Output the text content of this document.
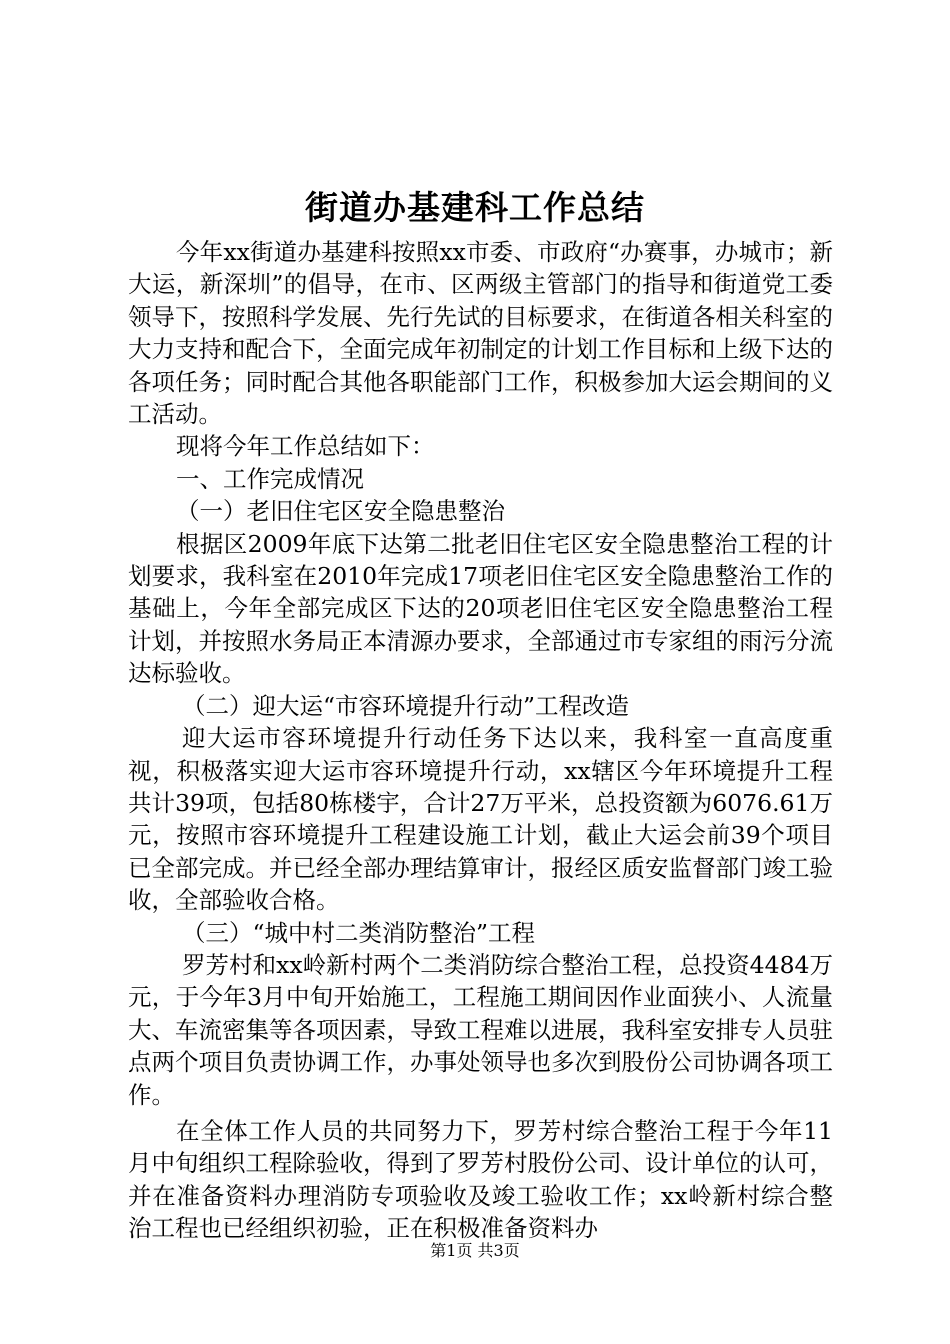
街道办基建科工作总结

今年xx街道办基建科按照xx市委、市政府“办赛事，办城市；新大运，新深圳”的倡导，在市、区两级主管部门的指导和街道党工委领导下，按照科学发展、先行先试的目标要求，在街道各相关科室的大力支持和配合下，全面完成年初制定的计划工作目标和上级下达的各项任务；同时配合其他各职能部门工作，积极参加大运会期间的义工活动。

现将今年工作总结如下：

一、工作完成情况

（一）老旧住宅区安全隐患整治

根据区2009年底下达第二批老旧住宅区安全隐患整治工程的计划要求，我科室在2010年完成17项老旧住宅区安全隐患整治工作的基础上，今年全部完成区下达的20项老旧住宅区安全隐患整治工程计划，并按照水务局正本清源办要求，全部通过市专家组的雨污分流达标验收。

（二）迎大运“市容环境提升行动”工程改造

迎大运市容环境提升行动任务下达以来，我科室一直高度重视，积极落实迎大运市容环境提升行动，xx辖区今年环境提升工程共计39项，包括80栋楼宇，合计27万平米，总投资额为6076.61万元，按照市容环境提升工程建设施工计划，截止大运会前39个项目已全部完成。并已经全部办理结算审计，报经区质安监督部门竣工验收，全部验收合格。

（三）“城中村二类消防整治”工程

罗芳村和xx岭新村两个二类消防综合整治工程，总投资4484万元，于今年3月中旬开始施工，工程施工期间因作业面狭小、人流量大、车流密集等各项因素，导致工程难以进展，我科室安排专人员驻点两个项目负责协调工作，办事处领导也多次到股份公司协调各项工作。

在全体工作人员的共同努力下，罗芳村综合整治工程于今年11月中旬组织工程除验收，得到了罗芳村股份公司、设计单位的认可，并在准备资料办理消防专项验收及竣工验收工作；xx岭新村综合整治工程也已经组织初验，正在积极准备资料办

第1页 共3页
